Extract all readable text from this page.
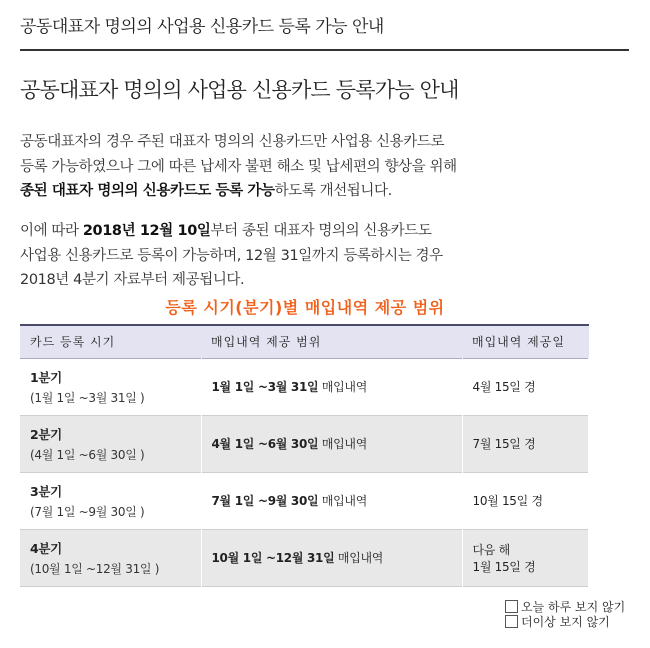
공동대표자 명의의 사업용 신용카드 등록 가능 안내
공동대표자 명의의 사업용 신용카드 등록가능 안내
공동대표자의 경우 주된 대표자 명의의 신용카드만 사업용 신용카드로
등록 가능하였으나 그에 따른 납세자 불편 해소 및 납세편의 향상을 위해
종된 대표자 명의의 신용카드도 등록 가능하도록 개선됩니다.
이에 따라 2018년 12월 10일부터 종된 대표자 명의의 신용카드도
사업용 신용카드로 등록이 가능하며, 12월 31일까지 등록하시는 경우
2018년 4분기 자료부터 제공됩니다.
등록 시기(분기)별 매입내역 제공 범위
카드 등록 시기	매입내역 제공 범위	매입내역 제공일

1분기
(1월 1일 ~3월 31일 )	1월 1일 ~3월 31일 매입내역	4월 15일 경

2분기
(4월 1일 ~6월 30일 )	4월 1일 ~6월 30일 매입내역	7월 15일 경

3분기
(7월 1일 ~9월 30일 )	7월 1일 ~9월 30일 매입내역	10월 15일 경

4분기
(10월 1일 ~12월 31일 )	10월 1일 ~12월 31일 매입내역	다음 해
1월 15일 경
오늘 하루 보지 않기
더이상 보지 않기
